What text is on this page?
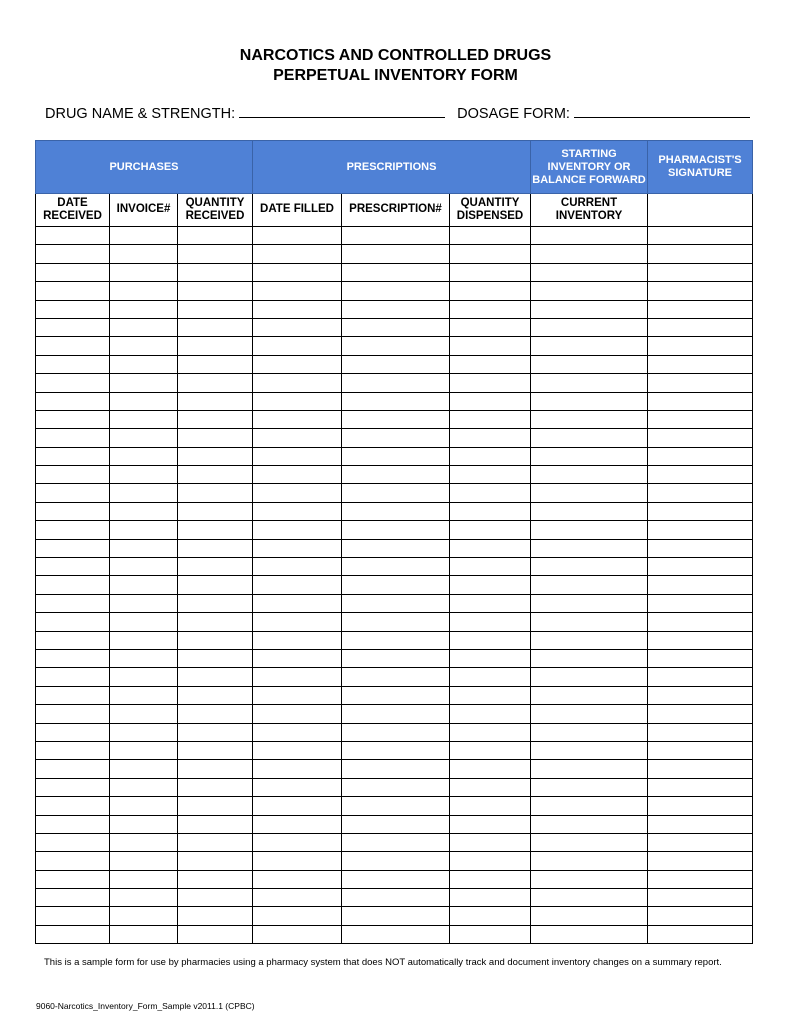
NARCOTICS AND CONTROLLED DRUGS

PERPETUAL INVENTORY FORM

DRUG NAME & STRENGTH:	DOSAGE FORM:
PURCHASES			PRESCRIPTIONS			STARTING INVENTORY OR BALANCE FORWARD	PHARMACIST'S SIGNATURE
DATE RECEIVED	INVOICE#	QUANTITY RECEIVED	DATE FILLED	PRESCRIPTION#	QUANTITY DISPENSED	CURRENT INVENTORY	

This is a sample form for use by pharmacies using a pharmacy system that does NOT automatically track and document inventory changes on a summary report.
9060-Narcotics_Inventory_Form_Sample v2011.1 (CPBC)
